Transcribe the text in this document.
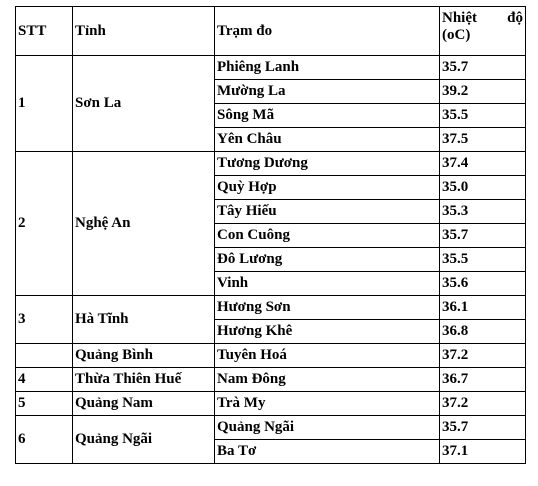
STT	Tỉnh	Trạm đo	Nhiệt độ
(oC)

1	Sơn La	Phiêng Lanh	35.7
		Mường La	39.2
		Sông Mã	35.5
		Yên Châu	37.5
2	Nghệ An	Tương Dương	37.4
		Quỳ Hợp	35.0
		Tây Hiếu	35.3
		Con Cuông	35.7
		Đô Lương	35.5
		Vinh	35.6
3	Hà Tĩnh	Hương Sơn	36.1
		Hương Khê	36.8
	Quảng Bình	Tuyên Hoá	37.2
4	Thừa Thiên Huế	Nam Đông	36.7
5	Quảng Nam	Trà My	37.2
6	Quảng Ngãi	Quảng Ngãi	35.7
		Ba Tơ	37.1
